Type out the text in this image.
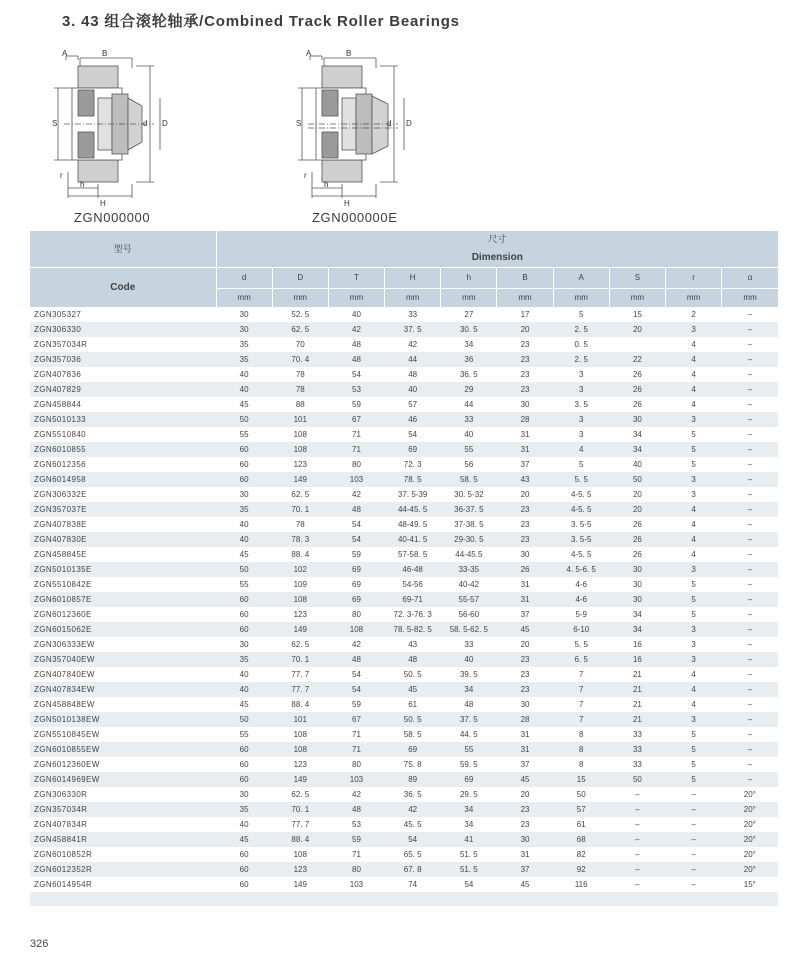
3. 43 组合滚轮轴承/Combined Track Roller Bearings
A	B
S	d D
r
h
H
ZGN000000
A	B
S	d D
r
h
H
ZGN000000E
型号	尺寸									
	Dimension									

Code	d	D	T	H	h	B	A	S	r	α
	mm	mm	mm	mm	mm	mm	mm	mm	mm	mm
ZGN305327	30	52. 5	40	33	27	17	5	15	2	–
ZGN306330	30	62. 5	42	37. 5	30. 5	20	2. 5	20	3	–
ZGN357034R	35	70	48	42	34	23	0. 5		4	–
ZGN357036	35	70. 4	48	44	36	23	2. 5	22	4	–
ZGN407836	40	78	54	48	36. 5	23	3	26	4	–
ZGN407829	40	78	53	40	29	23	3	26	4	–
ZGN458844	45	88	59	57	44	30	3. 5	26	4	–
ZGN5010133	50	101	67	46	33	28	3	30	3	–
ZGN5510840	55	108	71	54	40	31	3	34	5	–
ZGN6010855	60	108	71	69	55	31	4	34	5	–
ZGN6012356	60	123	80	72. 3	56	37	5	40	5	–
ZGN6014958	60	149	103	78. 5	58. 5	43	5. 5	50	3	–
ZGN306332E	30	62. 5	42	37. 5-39	30. 5-32	20	4-5. 5	20	3	–
ZGN357037E	35	70. 1	48	44-45. 5	36-37. 5	23	4-5. 5	20	4	–
ZGN407838E	40	78	54	48-49. 5	37-38. 5	23	3. 5-5	26	4	–
ZGN407830E	40	78. 3	54	40-41. 5	29-30. 5	23	3. 5-5	26	4	–
ZGN458845E	45	88. 4	59	57-58. 5	44-45.5	30	4-5. 5	26	4	–
ZGN5010135E	50	102	69	46-48	33-35	26	4. 5-6. 5	30	3	–
ZGN5510842E	55	109	69	54-56	40-42	31	4-6	30	5	–
ZGN6010857E	60	108	69	69-71	55-57	31	4-6	30	5	–
ZGN6012360E	60	123	80	72. 3-76. 3	56-60	37	5-9	34	5	–
ZGN6015062E	60	149	108	78. 5-82. 5	58. 5-62. 5	45	6-10	34	3	–
ZGN306333EW	30	62. 5	42	43	33	20	5. 5	16	3	–
ZGN357040EW	35	70. 1	48	48	40	23	6. 5	16	3	–
ZGN407840EW	40	77. 7	54	50. 5	39. 5	23	7	21	4	–
ZGN407834EW	40	77. 7	54	45	34	23	7	21	4	–
ZGN458848EW	45	88. 4	59	61	48	30	7	21	4	–
ZGN5010138EW	50	101	67	50. 5	37. 5	28	7	21	3	–
ZGN5510845EW	55	108	71	58. 5	44. 5	31	8	33	5	–
ZGN6010855EW	60	108	71	69	55	31	8	33	5	–
ZGN6012360EW	60	123	80	75. 8	59. 5	37	8	33	5	–
ZGN6014969EW	60	149	103	89	69	45	15	50	5	–
ZGN306330R	30	62. 5	42	36. 5	29. 5	20	50	–	–	20°
ZGN357034R	35	70. 1	48	42	34	23	57	–	–	20°
ZGN407834R	40	77. 7	53	45. 5	34	23	61	–	–	20°
ZGN458841R	45	88. 4	59	54	41	30	68	–	–	20°
ZGN6010852R	60	108	71	65. 5	51. 5	31	82	–	–	20°
ZGN6012352R	60	123	80	67. 8	51. 5	37	92	–	–	20°
ZGN6014954R	60	149	103	74	54	45	116	–	–	15°

326
